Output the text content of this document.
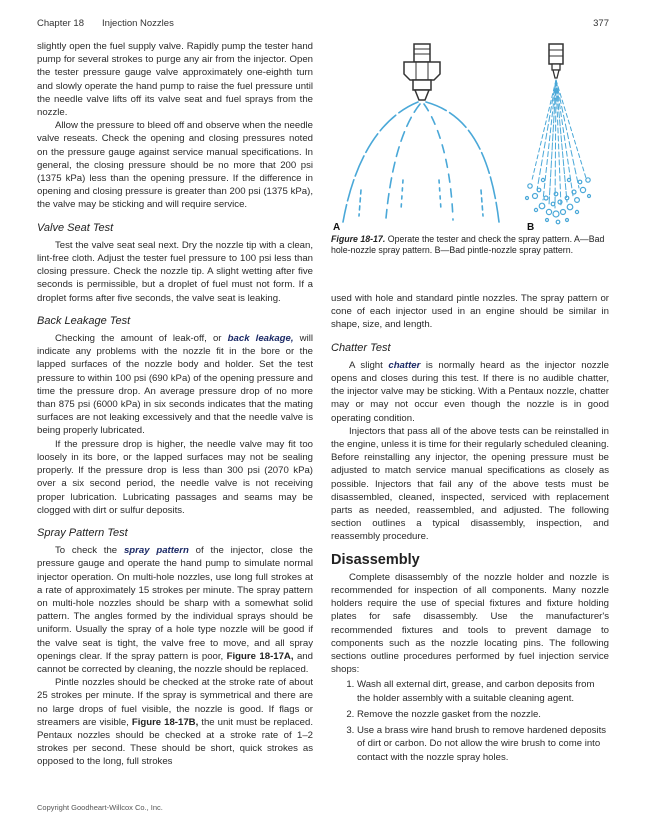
Chapter 18 Injection Nozzles	377

slightly open the fuel supply valve. Rapidly pump the tester hand pump for several strokes to purge any air from the injector. Open the tester pressure gauge valve approximately one-eighth turn and slowly operate the hand pump to raise the fuel pressure until the needle valve lifts off its valve seat and fuel sprays from the nozzle.

Allow the pressure to bleed off and observe when the needle valve reseats. Check the opening and closing pressures noted on the pressure gauge against service manual specifications. In general, the closing pressure should be no more that 200 psi (1375 kPa) less than the opening pressure. If the difference in opening and closing pressure is greater than 200 psi (1375 kPa), the valve may be sticking and will require service.

Valve Seat Test

Test the valve seat seal next. Dry the nozzle tip with a clean, lint-free cloth. Adjust the tester fuel pressure to 100 psi less than closing pressure. Check the nozzle tip. A slight wetting after five seconds is permissible, but a droplet of fuel must not form. If a droplet forms after five seconds, the valve seat is leaking.

Back Leakage Test

Checking the amount of leak-off, or back leakage, will indicate any problems with the nozzle fit in the bore or the lapped surfaces of the nozzle body and holder. Set the test pressure to within 100 psi (690 kPa) of the opening pressure and time the pressure drop. An average pressure drop of no more than 875 psi (6000 kPa) in six seconds indicates that the mating surfaces are not leaking excessively and that the needle valve is being properly lubricated.

If the pressure drop is higher, the needle valve may fit too loosely in its bore, or the lapped surfaces may not be sealing properly. If the pressure drop is less than 300 psi (2070 kPa) over a six second period, the needle valve is not receiving proper lubrication. Lubricating passages and seams may be clogged with dirt or sulfur deposits.

Spray Pattern Test

To check the spray pattern of the injector, close the pressure gauge and operate the hand pump to simulate normal injector operation. On multi-hole nozzles, use long full strokes at a rate of approximately 15 strokes per minute. The spray pattern on multi-hole nozzles should be sharp with a somewhat solid pattern. The angles formed by the individual sprays should be uniform. Usually the spray of a hole type nozzle will be good if the valve seat is tight, the valve free to move, and all spray openings clear. If the spray pattern is poor, Figure 18-17A, and cannot be corrected by cleaning, the nozzle should be replaced.

Pintle nozzles should be checked at the stroke rate of about 25 strokes per minute. If the spray is symmetrical and there are no large drops of fuel visible, the nozzle is good. If flags or streamers are visible, Figure 18-17B, the unit must be replaced. Pentaux nozzles should be checked at a stroke rate of 1–2 strokes per second. These should be short, quick strokes as opposed to the long, full strokes

A	B
Figure 18-17. Operate the tester and check the spray pattern. A—Bad hole-nozzle spray pattern. B—Bad pintle-nozzle spray pattern.

used with hole and standard pintle nozzles. The spray pattern or cone of each injector used in an engine should be similar in shape, size, and length.

Chatter Test

A slight chatter is normally heard as the injector nozzle opens and closes during this test. If there is no audible chatter, the injector valve may be sticking. With a Pentaux nozzle, chatter may or may not occur even though the nozzle is in good operating condition.

Injectors that pass all of the above tests can be reinstalled in the engine, unless it is time for their regularly scheduled cleaning. Before reinstalling any injector, the opening pressure must be adjusted to match service manual specifications as closely as possible. Injectors that fail any of the above tests must be disassembled, cleaned, inspected, serviced with replacement parts as needed, reassembled, and adjusted. The following section outlines a typical disassembly, inspection, and reassembly procedure.

Disassembly

Complete disassembly of the nozzle holder and nozzle is recommended for inspection of all components. Many nozzle holders require the use of special fixtures and fixture holding plates for safe disassembly. Use the manufacturer's recommended fixtures and tools to prevent damage to components such as the nozzle locating pins. The following sections outline procedures performed by fuel injection service shops:

1. Wash all external dirt, grease, and carbon deposits from the holder assembly with a suitable cleaning agent.
2. Remove the nozzle gasket from the nozzle.
3. Use a brass wire hand brush to remove hardened deposits of dirt or carbon. Do not allow the wire brush to come into contact with the nozzle spray holes.
Copyright Goodheart-Willcox Co., Inc.
